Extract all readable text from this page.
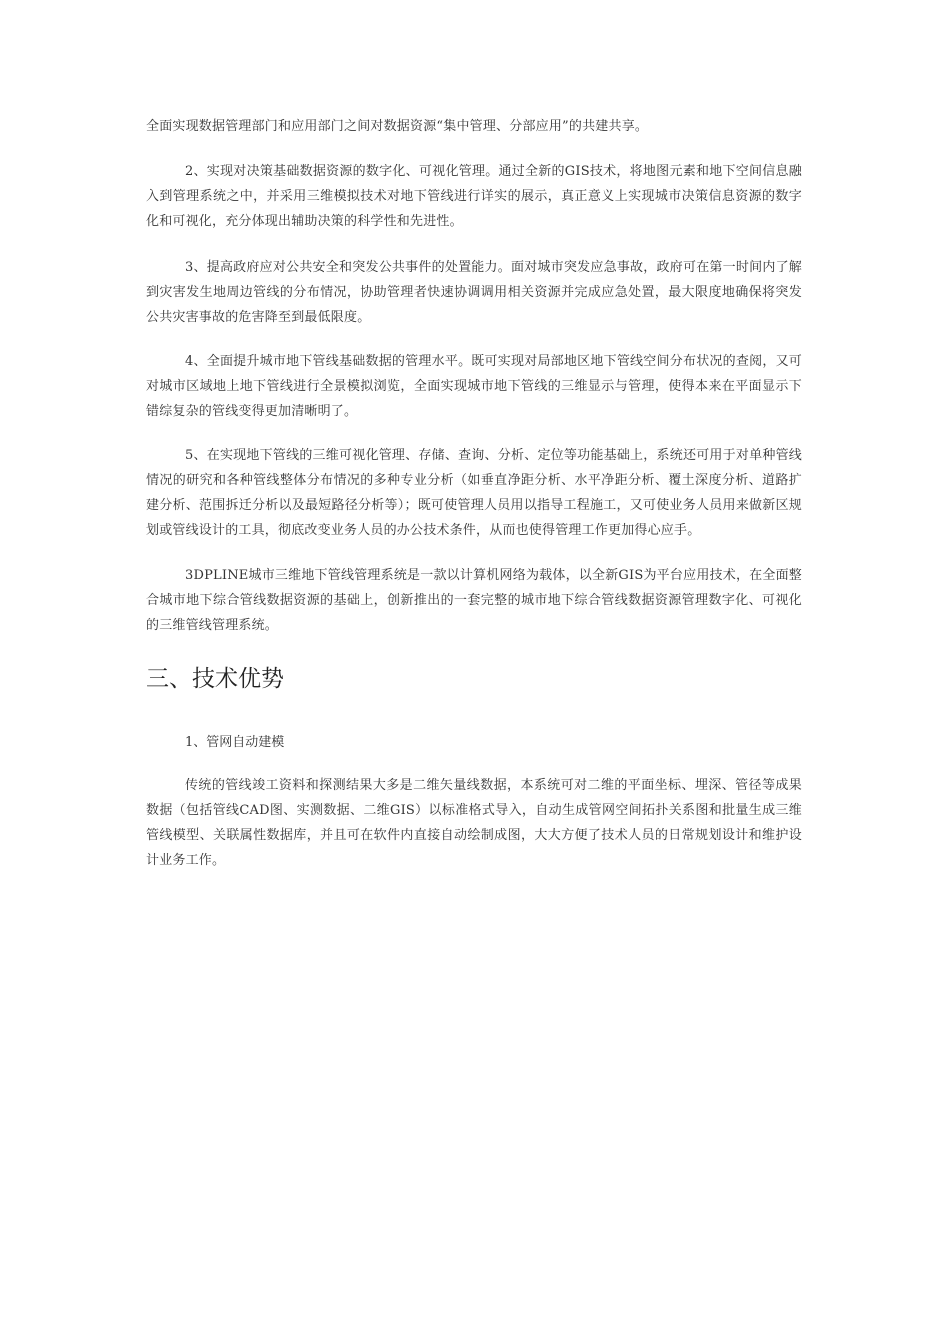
全面实现数据管理部门和应用部门之间对数据资源“集中管理、分部应用”的共建共享。

2、实现对决策基础数据资源的数字化、可视化管理。通过全新的GIS技术，将地图元素和地下空间信息融入到管理系统之中，并采用三维模拟技术对地下管线进行详实的展示，真正意义上实现城市决策信息资源的数字化和可视化，充分体现出辅助决策的科学性和先进性。

3、提高政府应对公共安全和突发公共事件的处置能力。面对城市突发应急事故，政府可在第一时间内了解到灾害发生地周边管线的分布情况，协助管理者快速协调调用相关资源并完成应急处置，最大限度地确保将突发公共灾害事故的危害降至到最低限度。

4、全面提升城市地下管线基础数据的管理水平。既可实现对局部地区地下管线空间分布状况的查阅，又可对城市区域地上地下管线进行全景模拟浏览，全面实现城市地下管线的三维显示与管理，使得本来在平面显示下错综复杂的管线变得更加清晰明了。

5、在实现地下管线的三维可视化管理、存储、查询、分析、定位等功能基础上，系统还可用于对单种管线情况的研究和各种管线整体分布情况的多种专业分析（如垂直净距分析、水平净距分析、覆土深度分析、道路扩建分析、范围拆迁分析以及最短路径分析等）；既可使管理人员用以指导工程施工，又可使业务人员用来做新区规划或管线设计的工具，彻底改变业务人员的办公技术条件，从而也使得管理工作更加得心应手。

3DPLINE城市三维地下管线管理系统是一款以计算机网络为载体，以全新GIS为平台应用技术，在全面整合城市地下综合管线数据资源的基础上，创新推出的一套完整的城市地下综合管线数据资源管理数字化、可视化的三维管线管理系统。

三、技术优势

1、管网自动建模

传统的管线竣工资料和探测结果大多是二维矢量线数据，本系统可对二维的平面坐标、埋深、管径等成果数据（包括管线CAD图、实测数据、二维GIS）以标准格式导入，自动生成管网空间拓扑关系图和批量生成三维管线模型、关联属性数据库，并且可在软件内直接自动绘制成图，大大方便了技术人员的日常规划设计和维护设计业务工作。
